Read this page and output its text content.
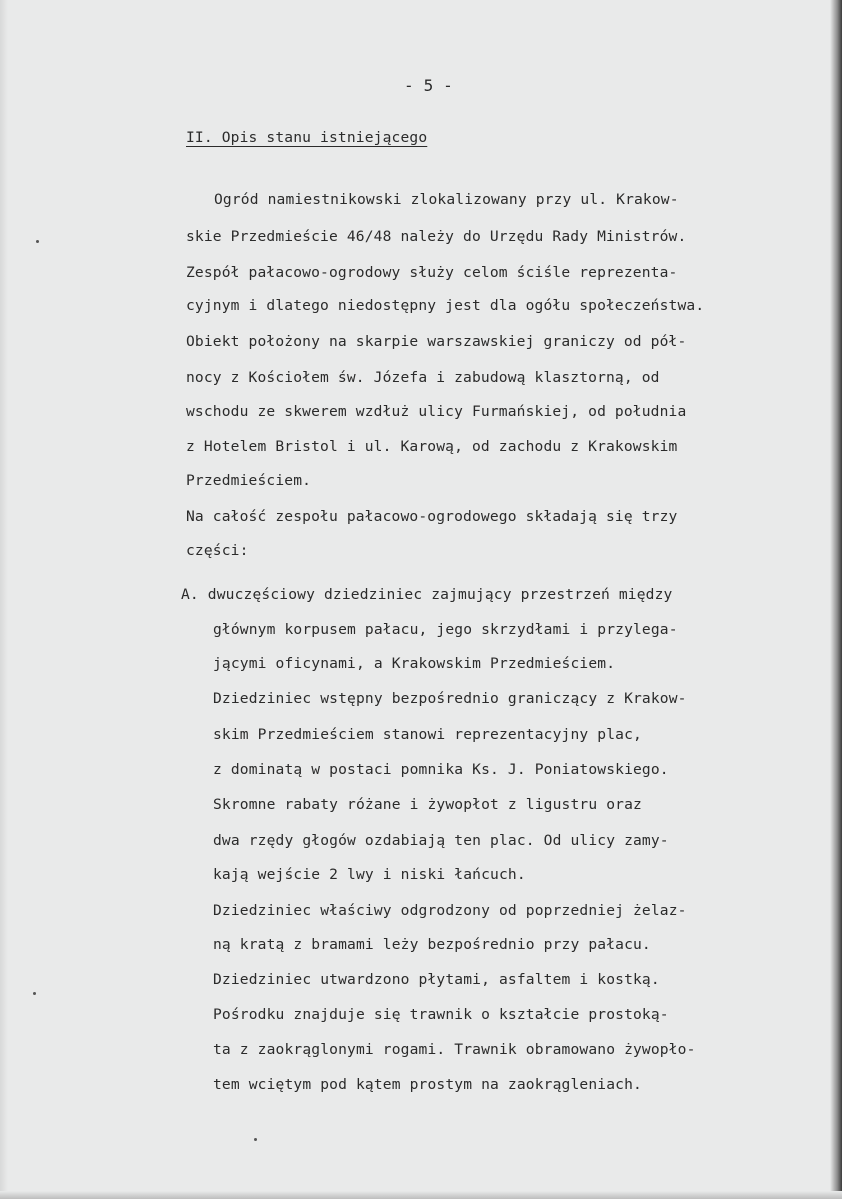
- 5 -
II. Opis stanu istniejącego
Ogród namiestnikowski zlokalizowany przy ul. Krakow-
skie Przedmieście 46/48 należy do Urzędu Rady Ministrów.
Zespół pałacowo-ogrodowy służy celom ściśle reprezenta-
cyjnym i dlatego niedostępny jest dla ogółu społeczeństwa.
Obiekt położony na skarpie warszawskiej graniczy od pół-
nocy z Kościołem św. Józefa i zabudową klasztorną, od
wschodu ze skwerem wzdłuż ulicy Furmańskiej, od południa
z Hotelem Bristol i ul. Karową, od zachodu z Krakowskim
Przedmieściem.
Na całość zespołu pałacowo-ogrodowego składają się trzy
części:
A. dwuczęściowy dziedziniec zajmujący przestrzeń między
głównym korpusem pałacu, jego skrzydłami i przylega-
jącymi oficynami, a Krakowskim Przedmieściem.
Dziedziniec wstępny bezpośrednio graniczący z Krakow-
skim Przedmieściem stanowi reprezentacyjny plac,
z dominatą w postaci pomnika Ks. J. Poniatowskiego.
Skromne rabaty różane i żywopłot z ligustru oraz
dwa rzędy głogów ozdabiają ten plac. Od ulicy zamy-
kają wejście 2 lwy i niski łańcuch.
Dziedziniec właściwy odgrodzony od poprzedniej żelaz-
ną kratą z bramami leży bezpośrednio przy pałacu.
Dziedziniec utwardzono płytami, asfaltem i kostką.
Pośrodku znajduje się trawnik o kształcie prostoką-
ta z zaokrąglonymi rogami. Trawnik obramowano żywopło-
tem wciętym pod kątem prostym na zaokrągleniach.
